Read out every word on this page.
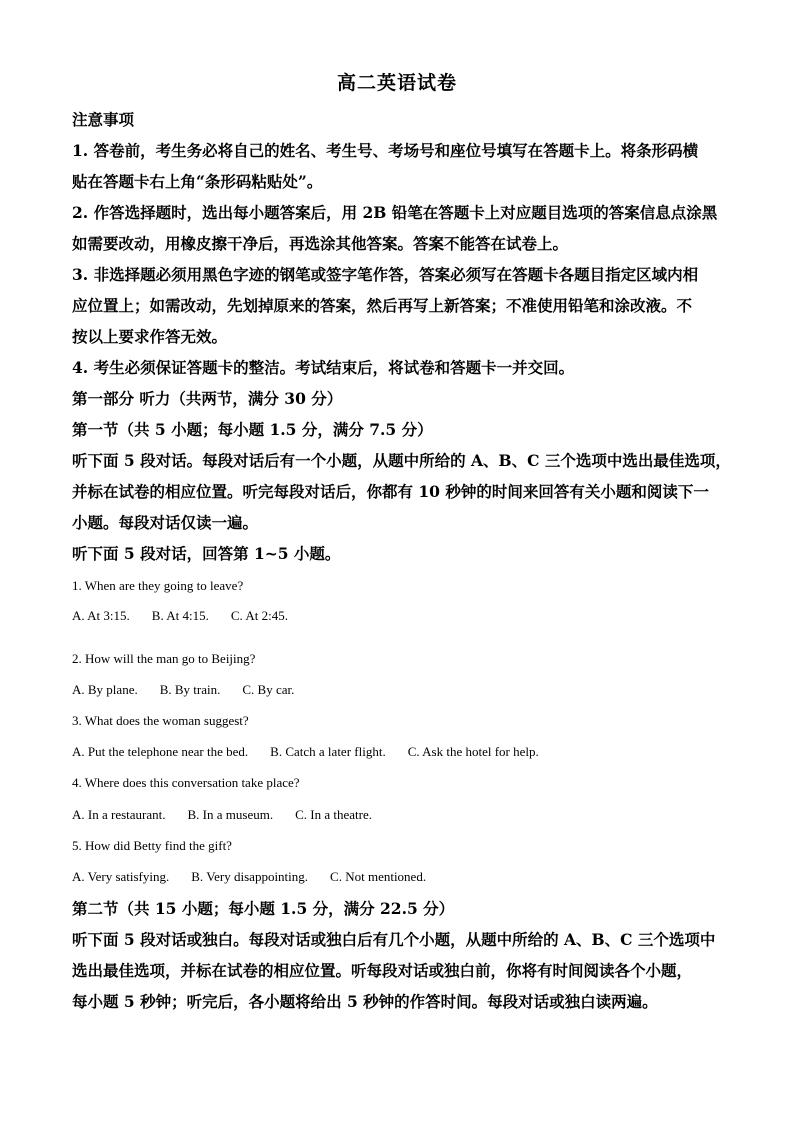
高二英语试卷
注意事项
1. 答卷前，考生务必将自己的姓名、考生号、考场号和座位号填写在答题卡上。将条形码横
贴在答题卡右上角“条形码粘贴处”。
2. 作答选择题时，选出每小题答案后，用 2B 铅笔在答题卡上对应题目选项的答案信息点涂黑
如需要改动，用橡皮擦干净后，再选涂其他答案。答案不能答在试卷上。
3. 非选择题必须用黑色字迹的钢笔或签字笔作答，答案必须写在答题卡各题目指定区域内相
应位置上；如需改动，先划掉原来的答案，然后再写上新答案；不准使用铅笔和涂改液。不
按以上要求作答无效。
4. 考生必须保证答题卡的整洁。考试结束后，将试卷和答题卡一并交回。
第一部分 听力（共两节，满分 30 分）
第一节（共 5 小题；每小题 1.5 分，满分 7.5 分）
听下面 5 段对话。每段对话后有一个小题，从题中所给的 A、B、C 三个选项中选出最佳选项，
并标在试卷的相应位置。听完每段对话后，你都有 10 秒钟的时间来回答有关小题和阅读下一
小题。每段对话仅读一遍。
听下面 5 段对话，回答第 1~5 小题。
1. When are they going to leave?
A. At 3:15. B. At 4:15. C. At 2:45.
2. How will the man go to Beijing?
A. By plane. B. By train. C. By car.
3. What does the woman suggest?
A. Put the telephone near the bed. B. Catch a later flight. C. Ask the hotel for help.
4. Where does this conversation take place?
A. In a restaurant. B. In a museum. C. In a theatre.
5. How did Betty find the gift?
A. Very satisfying. B. Very disappointing. C. Not mentioned.
第二节（共 15 小题；每小题 1.5 分，满分 22.5 分）
听下面 5 段对话或独白。每段对话或独白后有几个小题，从题中所给的 A、B、C 三个选项中
选出最佳选项，并标在试卷的相应位置。听每段对话或独白前，你将有时间阅读各个小题，
每小题 5 秒钟；听完后，各小题将给出 5 秒钟的作答时间。每段对话或独白读两遍。
